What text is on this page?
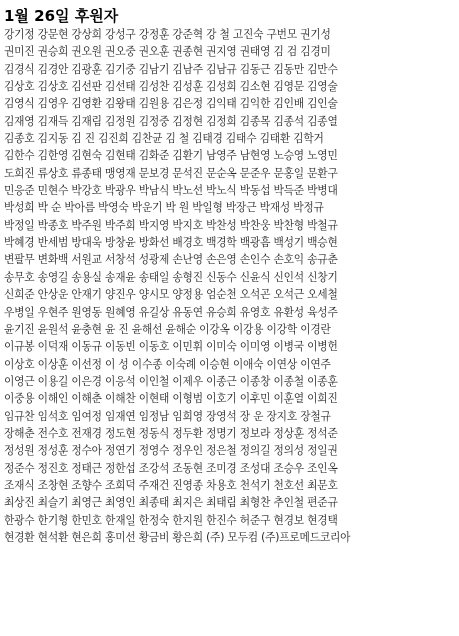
1월 26일 후원자
강기정 강문현 강상희 강성구 강정훈 강준혁 강 철 고진숙 구번모 권기성
권미진 권승희 권오원 권오중 권오훈 권종현 권지영 권태영 김 검 김경미
김경식 김경안 김광훈 김기중 김남기 김남주 김남규 김동근 김동만 김만수
김상호 김상호 김선판 김선태 김성찬 김성훈 김성희 김소현 김영문 김영술
김영식 김영우 김영환 김왕태 김원용 김은정 김익태 김익한 김인배 김인술
김재영 김재득 김재림 김정원 김정중 김정현 김정희 김종목 김종석 김종열
김종호 김지동 김 진 김진희 김찬균 김 철 김태경 김태수 김태환 김학거
김한수 김한영 김현숙 김현태 김화준 김환기 남영주 남현영 노승영 노영민
도희진 류상호 류종태 맹영재 문보경 문석진 문순옥 문준우 문홍일 문환구
민응준 민현수 박강호 박광우 박남식 박노선 박노식 박동섭 박득준 박병대
박성희 박 순 박아름 박영숙 박운기 박 원 박일형 박장근 박재성 박정규
박정일 박종호 박주원 박주희 박지영 박지호 박찬성 박찬웅 박찬형 박철규
박혜경 반세범 방대욱 방창윤 방화선 배경호 백경학 백광흠 백성기 백승현
변팔무 변화백 서원교 서창석 성광제 손난영 손은영 손인수 손호익 송규춘
송무호 송영길 송용실 송재윤 송태일 송형진 신동수 신윤식 신인석 신창기
신희준 안상운 안재기 양진우 양시모 양정용 엄순천 오석곤 오석근 오세철
우병일 우현주 원영동 원혜영 유길상 유동연 유승희 유영호 유환성 육성주
윤기진 윤원석 윤충현 윤 진 윤해선 윤해순 이강옥 이강용 이강학 이경란
이규봉 이덕재 이동규 이동빈 이동호 이민휘 이미숙 이미영 이병국 이병헌
이상호 이상훈 이선정 이 성 이수종 이숙례 이승현 이애숙 이연상 이연주
이영근 이용길 이은경 이응석 이인철 이제우 이종근 이종창 이종철 이종훈
이중용 이해인 이해춘 이해찬 이현태 이형범 이호기 이후민 이훈열 이희진
임규찬 임석호 임여정 임재연 임정남 임희영 장영석 장 운 장지호 장철규
장해춘 전수호 전재경 정도현 정동식 정두환 정명기 정보라 정상훈 정석준
정성원 정성훈 정수아 정연기 정영수 정우인 정은철 정의길 정의성 정일권
정준수 정진호 정태근 정한섭 조강석 조동현 조미경 조성대 조승우 조인옥
조재식 조창현 조향수 조희덕 주재건 진영종 차용호 천석기 천호선 최문호
최상진 최슬기 최영근 최영인 최종태 최지은 최태림 최형찬 추인철 편준규
한광수 한기형 한민호 한재일 한정숙 한지원 한진수 허준구 현경보 현경택
현경환 현석환 현은희 홍미선 황금비 황은희 (주) 모두컴 (주)프로메드코리아
